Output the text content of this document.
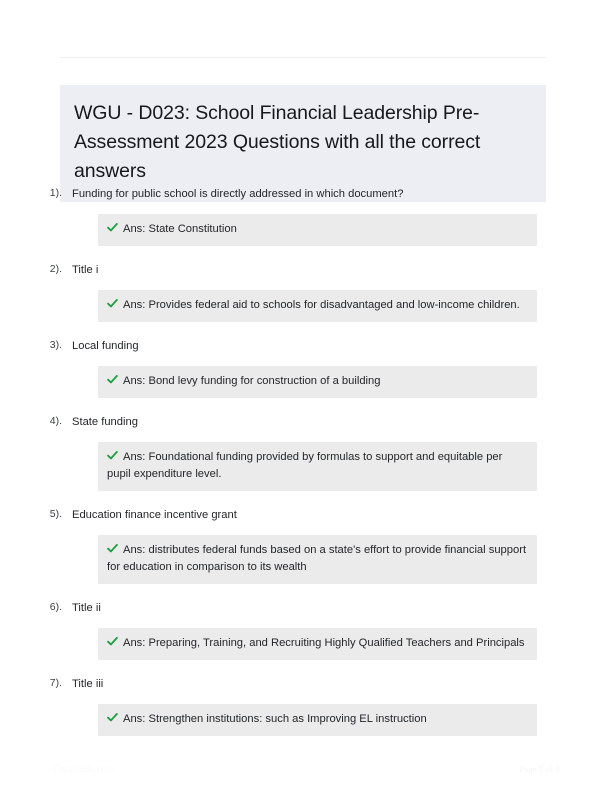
WGU - D023: School Financial Leadership Pre-Assessment 2023 Questions with all the correct answers
1). Funding for public school is directly addressed in which document?

Ans: State Constitution

2). Title i

Ans: Provides federal aid to schools for disadvantaged and low-income children.

3). Local funding

Ans: Bond levy funding for construction of a building

4). State funding

Ans: Foundational funding provided by formulas to support and equitable per pupil expenditure level.

5). Education finance incentive grant

Ans: distributes federal funds based on a state's effort to provide financial support for education in comparison to its wealth

6). Title ii

Ans: Preparing, Training, and Recruiting Highly Qualified Teachers and Principals

7). Title iii

Ans: Strengthen institutions: such as Improving EL instruction

PaperStic.com	Page 1 of 9
